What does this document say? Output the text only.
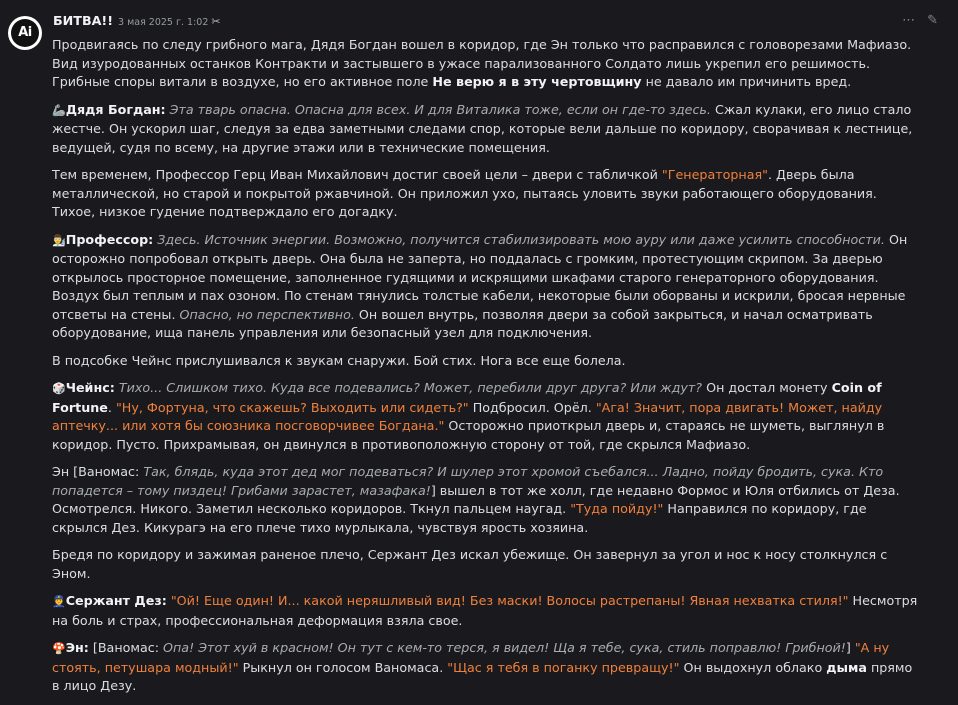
Ai
БИТВА!! 3 мая 2025 г. 1:02 ✂	⋯ ✎

Продвигаясь по следу грибного мага, Дядя Богдан вошел в коридор, где Эн только что расправился с головорезами Мафиазо. Вид изуродованных останков Контракти и застывшего в ужасе парализованного Солдато лишь укрепил его решимость. Грибные споры витали в воздухе, но его активное поле Не верю я в эту чертовщину не давало им причинить вред.

🦾Дядя Богдан: Эта тварь опасна. Опасна для всех. И для Виталика тоже, если он где-то здесь. Сжал кулаки, его лицо стало жестче. Он ускорил шаг, следуя за едва заметными следами спор, которые вели дальше по коридору, сворачивая к лестнице, ведущей, судя по всему, на другие этажи или в технические помещения.

Тем временем, Профессор Герц Иван Михайлович достиг своей цели – двери с табличкой "Генераторная". Дверь была металлической, но старой и покрытой ржавчиной. Он приложил ухо, пытаясь уловить звуки работающего оборудования. Тихое, низкое гудение подтверждало его догадку.

👨‍🔬Профессор: Здесь. Источник энергии. Возможно, получится стабилизировать мою ауру или даже усилить способности. Он осторожно попробовал открыть дверь. Она была не заперта, но поддалась с громким, протестующим скрипом. За дверью открылось просторное помещение, заполненное гудящими и искрящими шкафами старого генераторного оборудования. Воздух был теплым и пах озоном. По стенам тянулись толстые кабели, некоторые были оборваны и искрили, бросая нервные отсветы на стены. Опасно, но перспективно. Он вошел внутрь, позволяя двери за собой закрыться, и начал осматривать оборудование, ища панель управления или безопасный узел для подключения.

В подсобке Чейнс прислушивался к звукам снаружи. Бой стих. Нога все еще болела.

🎲Чейнс: Тихо... Слишком тихо. Куда все подевались? Может, перебили друг друга? Или ждут? Он достал монету Coin of Fortune. "Ну, Фортуна, что скажешь? Выходить или сидеть?" Подбросил. Орёл. "Ага! Значит, пора двигать! Может, найду аптечку... или хотя бы союзника посговорчивее Богдана." Осторожно приоткрыл дверь и, стараясь не шуметь, выглянул в коридор. Пусто. Прихрамывая, он двинулся в противоположную сторону от той, где скрылся Мафиазо.

Эн [Ваномас: Так, блядь, куда этот дед мог подеваться? И шулер этот хромой съебался... Ладно, пойду бродить, сука. Кто попадется – тому пиздец! Грибами зарастет, мазафака!] вышел в тот же холл, где недавно Формос и Юля отбились от Деза. Осмотрелся. Никого. Заметил несколько коридоров. Ткнул пальцем наугад. "Туда пойду!" Направился по коридору, где скрылся Дез. Кикурагэ на его плече тихо мурлыкала, чувствуя ярость хозяина.

Бредя по коридору и зажимая раненое плечо, Сержант Дез искал убежище. Он завернул за угол и нос к носу столкнулся с Эном.

👮Сержант Дез: "Ой! Еще один! И... какой неряшливый вид! Без маски! Волосы растрепаны! Явная нехватка стиля!" Несмотря на боль и страх, профессиональная деформация взяла свое.

🍄Эн: [Ваномас: Опа! Этот хуй в красном! Он тут с кем-то терся, я видел! Ща я тебе, сука, стиль поправлю! Грибной!] "А ну стоять, петушара модный!" Рыкнул он голосом Ваномаса. "Щас я тебя в поганку превращу!" Он выдохнул облако дыма прямо в лицо Дезу.
